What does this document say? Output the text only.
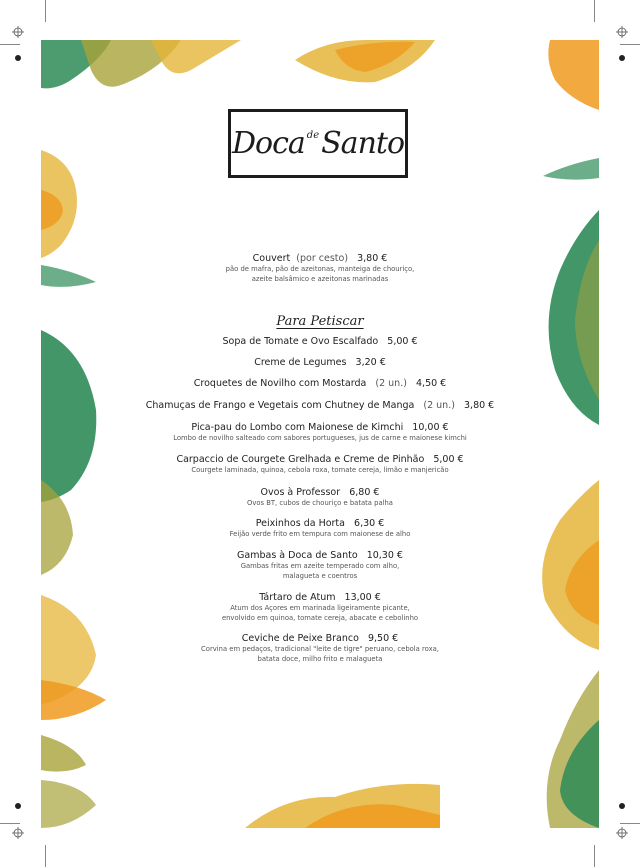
Doca de Santo
Couvert (por cesto) 3,80 €
pão de mafra, pão de azeitonas, manteiga de chouriço,
azeite balsâmico e azeitonas marinadas
Para Petiscar
Sopa de Tomate e Ovo Escalfado 5,00 €
Creme de Legumes 3,20 €
Croquetes de Novilho com Mostarda (2 un.) 4,50 €
Chamuças de Frango e Vegetais com Chutney de Manga (2 un.) 3,80 €
Pica-pau do Lombo com Maionese de Kimchi 10,00 €
Lombo de novilho salteado com sabores portugueses, jus de carne e maionese kimchi
Carpaccio de Courgete Grelhada e Creme de Pinhão 5,00 €
Courgete laminada, quinoa, cebola roxa, tomate cereja, limão e manjericão
Ovos à Professor 6,80 €
Ovos BT, cubos de chouriço e batata palha
Peixinhos da Horta 6,30 €
Feijão verde frito em tempura com maionese de alho
Gambas à Doca de Santo 10,30 €
Gambas fritas em azeite temperado com alho,
malagueta e coentros
Tártaro de Atum 13,00 €
Atum dos Açores em marinada ligeiramente picante,
envolvido em quinoa, tomate cereja, abacate e cebolinho
Ceviche de Peixe Branco 9,50 €
Corvina em pedaços, tradicional "leite de tigre" peruano, cebola roxa,
batata doce, milho frito e malagueta
